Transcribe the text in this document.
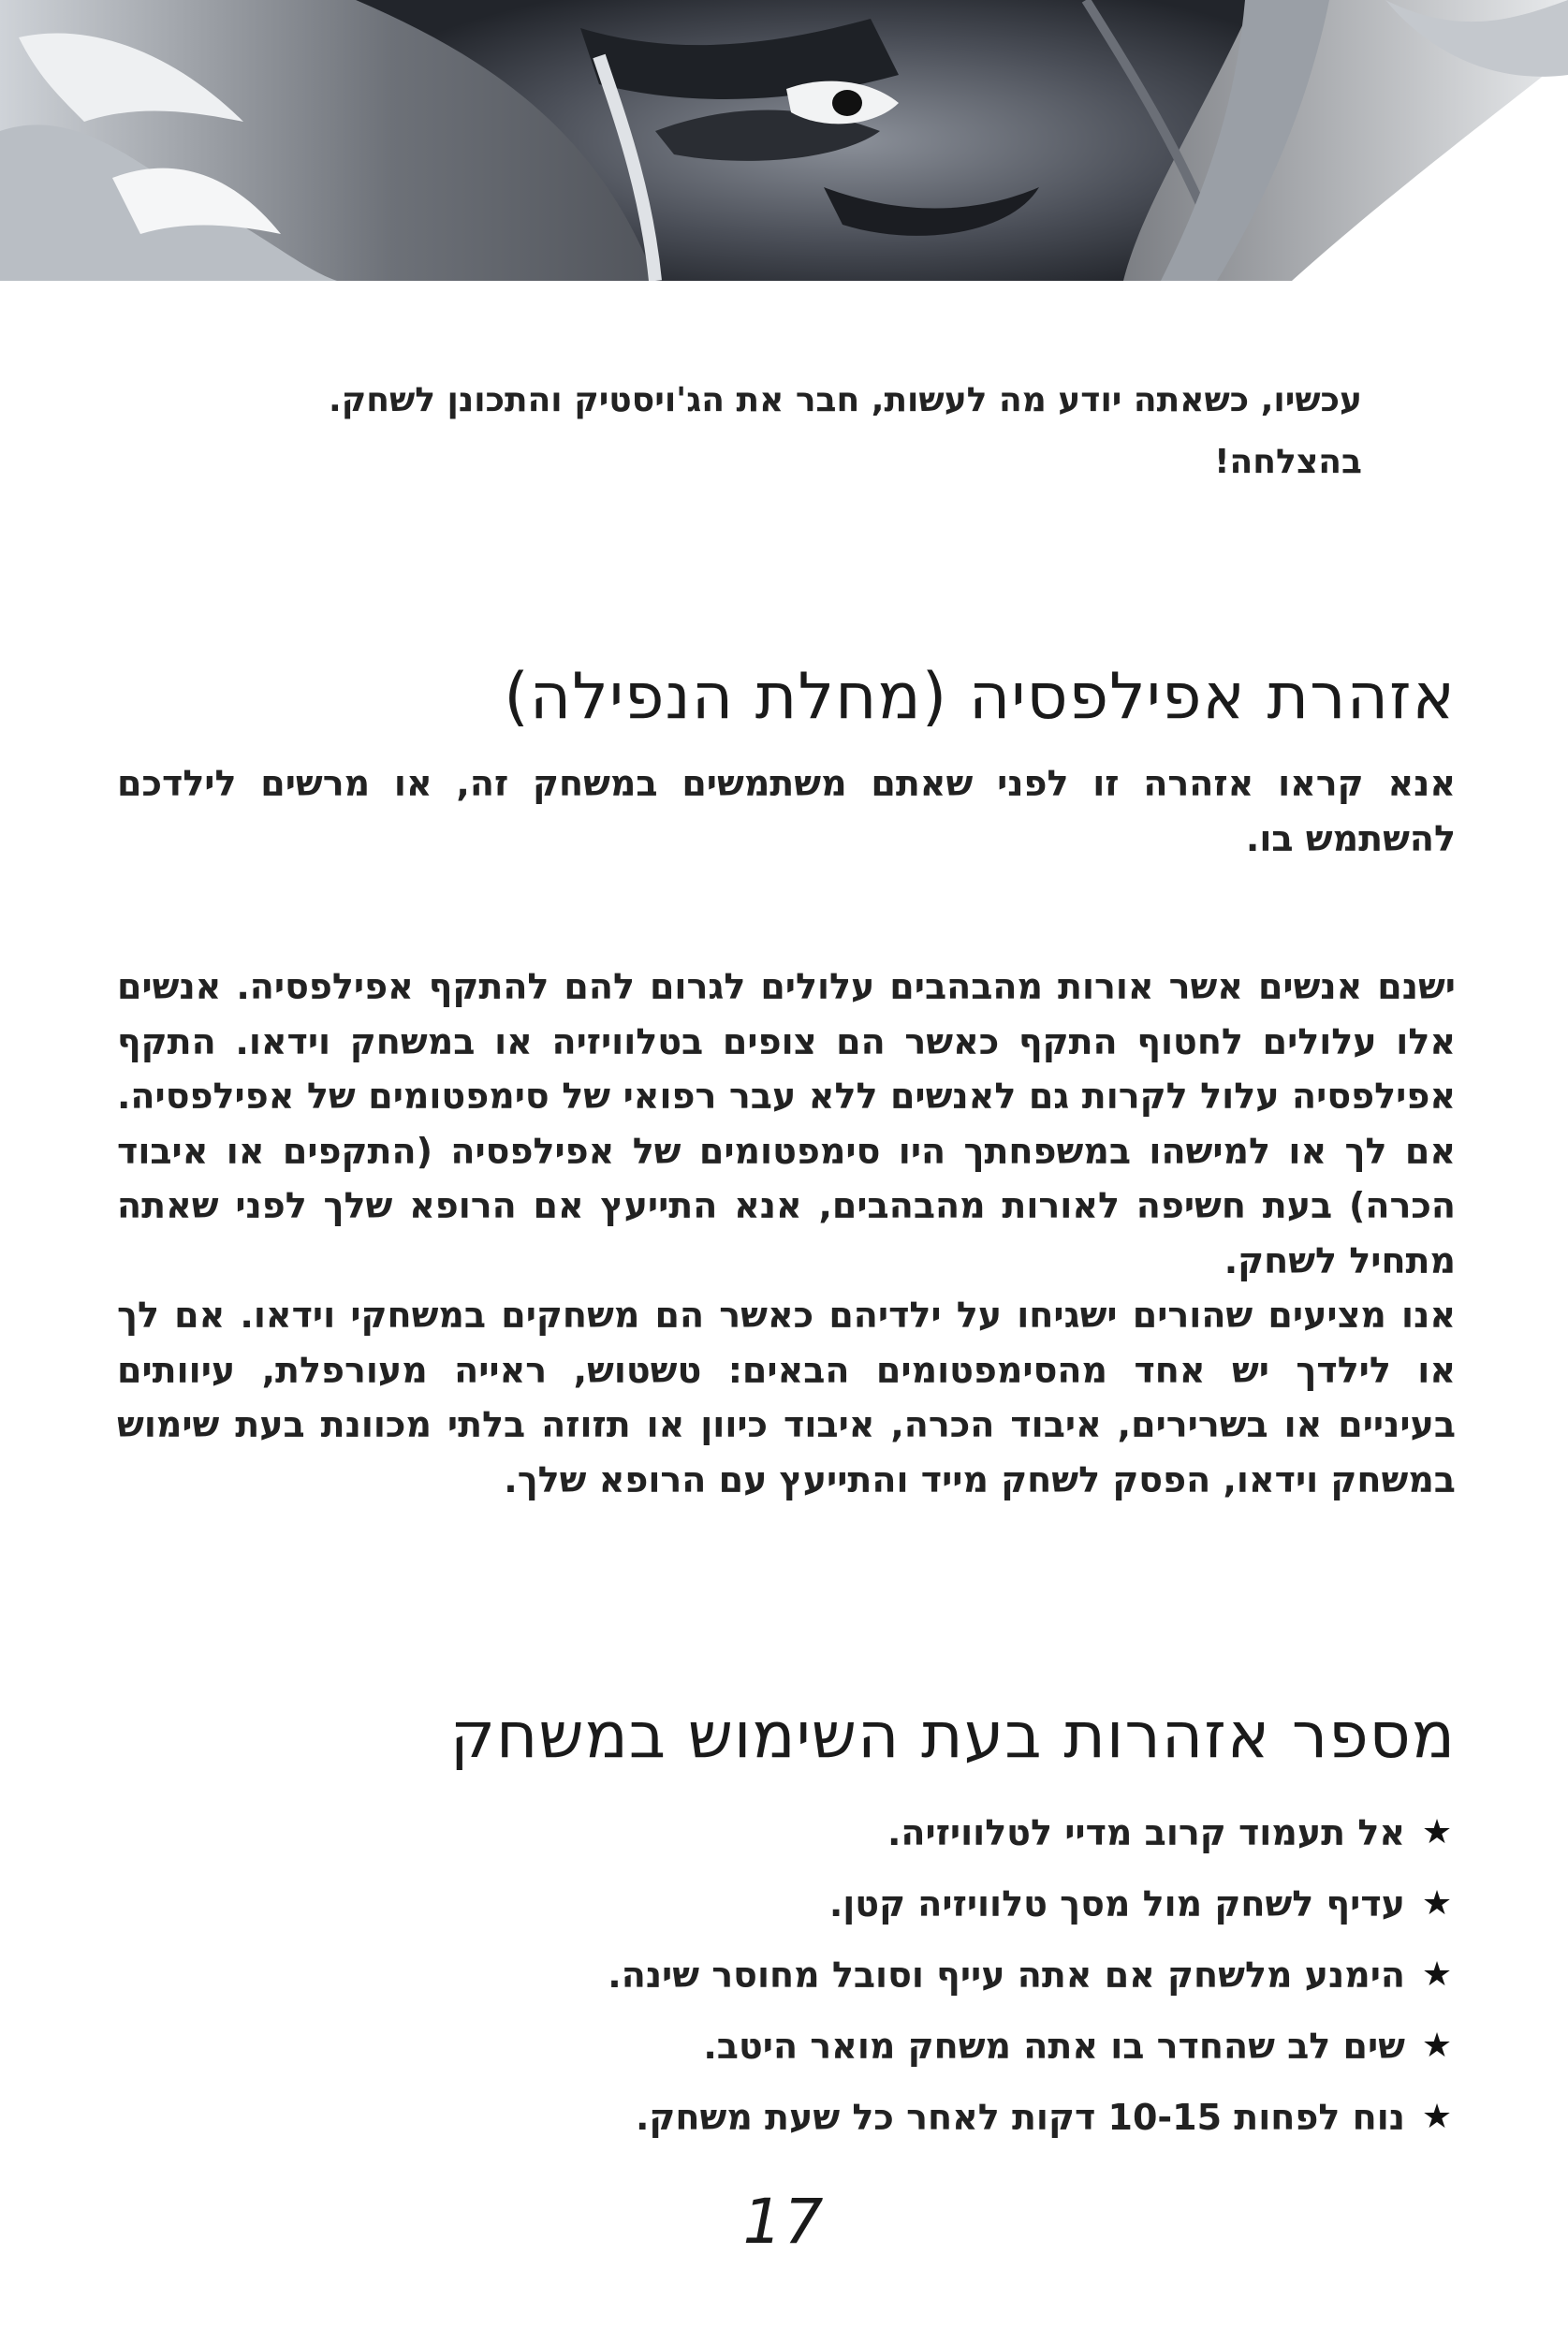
עכשיו, כשאתה יודע מה לעשות, חבר את הג'ויסטיק והתכונן לשחק.

בהצלחה!

אזהרת אפילפסיה (מחלת הנפילה)

אנא קראו אזהרה זו לפני שאתם משתמשים במשחק זה, או מרשים לילדכם להשתמש בו.

ישנם אנשים אשר אורות מהבהבים עלולים לגרום להם להתקף אפילפסיה. אנשים אלו עלולים לחטוף התקף כאשר הם צופים בטלוויזיה או במשחק וידאו. התקף אפילפסיה עלול לקרות גם לאנשים ללא עבר רפואי של סימפטומים של אפילפסיה. אם לך או למישהו במשפחתך היו סימפטומים של אפילפסיה (התקפים או איבוד הכרה) בעת חשיפה לאורות מהבהבים, אנא התייעץ אם הרופא שלך לפני שאתה מתחיל לשחק.

אנו מציעים שהורים ישגיחו על ילדיהם כאשר הם משחקים במשחקי וידאו. אם לך או לילדך יש אחד מהסימפטומים הבאים: טשטוש, ראייה מעורפלת, עיוותים בעיניים או בשרירים, איבוד הכרה, איבוד כיוון או תזוזה בלתי מכוונת בעת שימוש במשחק וידאו, הפסק לשחק מייד והתייעץ עם הרופא שלך.

מספר אזהרות בעת השימוש במשחק
★
אל תעמוד קרוב מדיי לטלוויזיה.
★
עדיף לשחק מול מסך טלוויזיה קטן.
★
הימנע מלשחק אם אתה עייף וסובל מחוסר שינה.
★
שים לב שהחדר בו אתה משחק מואר היטב.
★
נוח לפחות 10-15 דקות לאחר כל שעת משחק.
17
